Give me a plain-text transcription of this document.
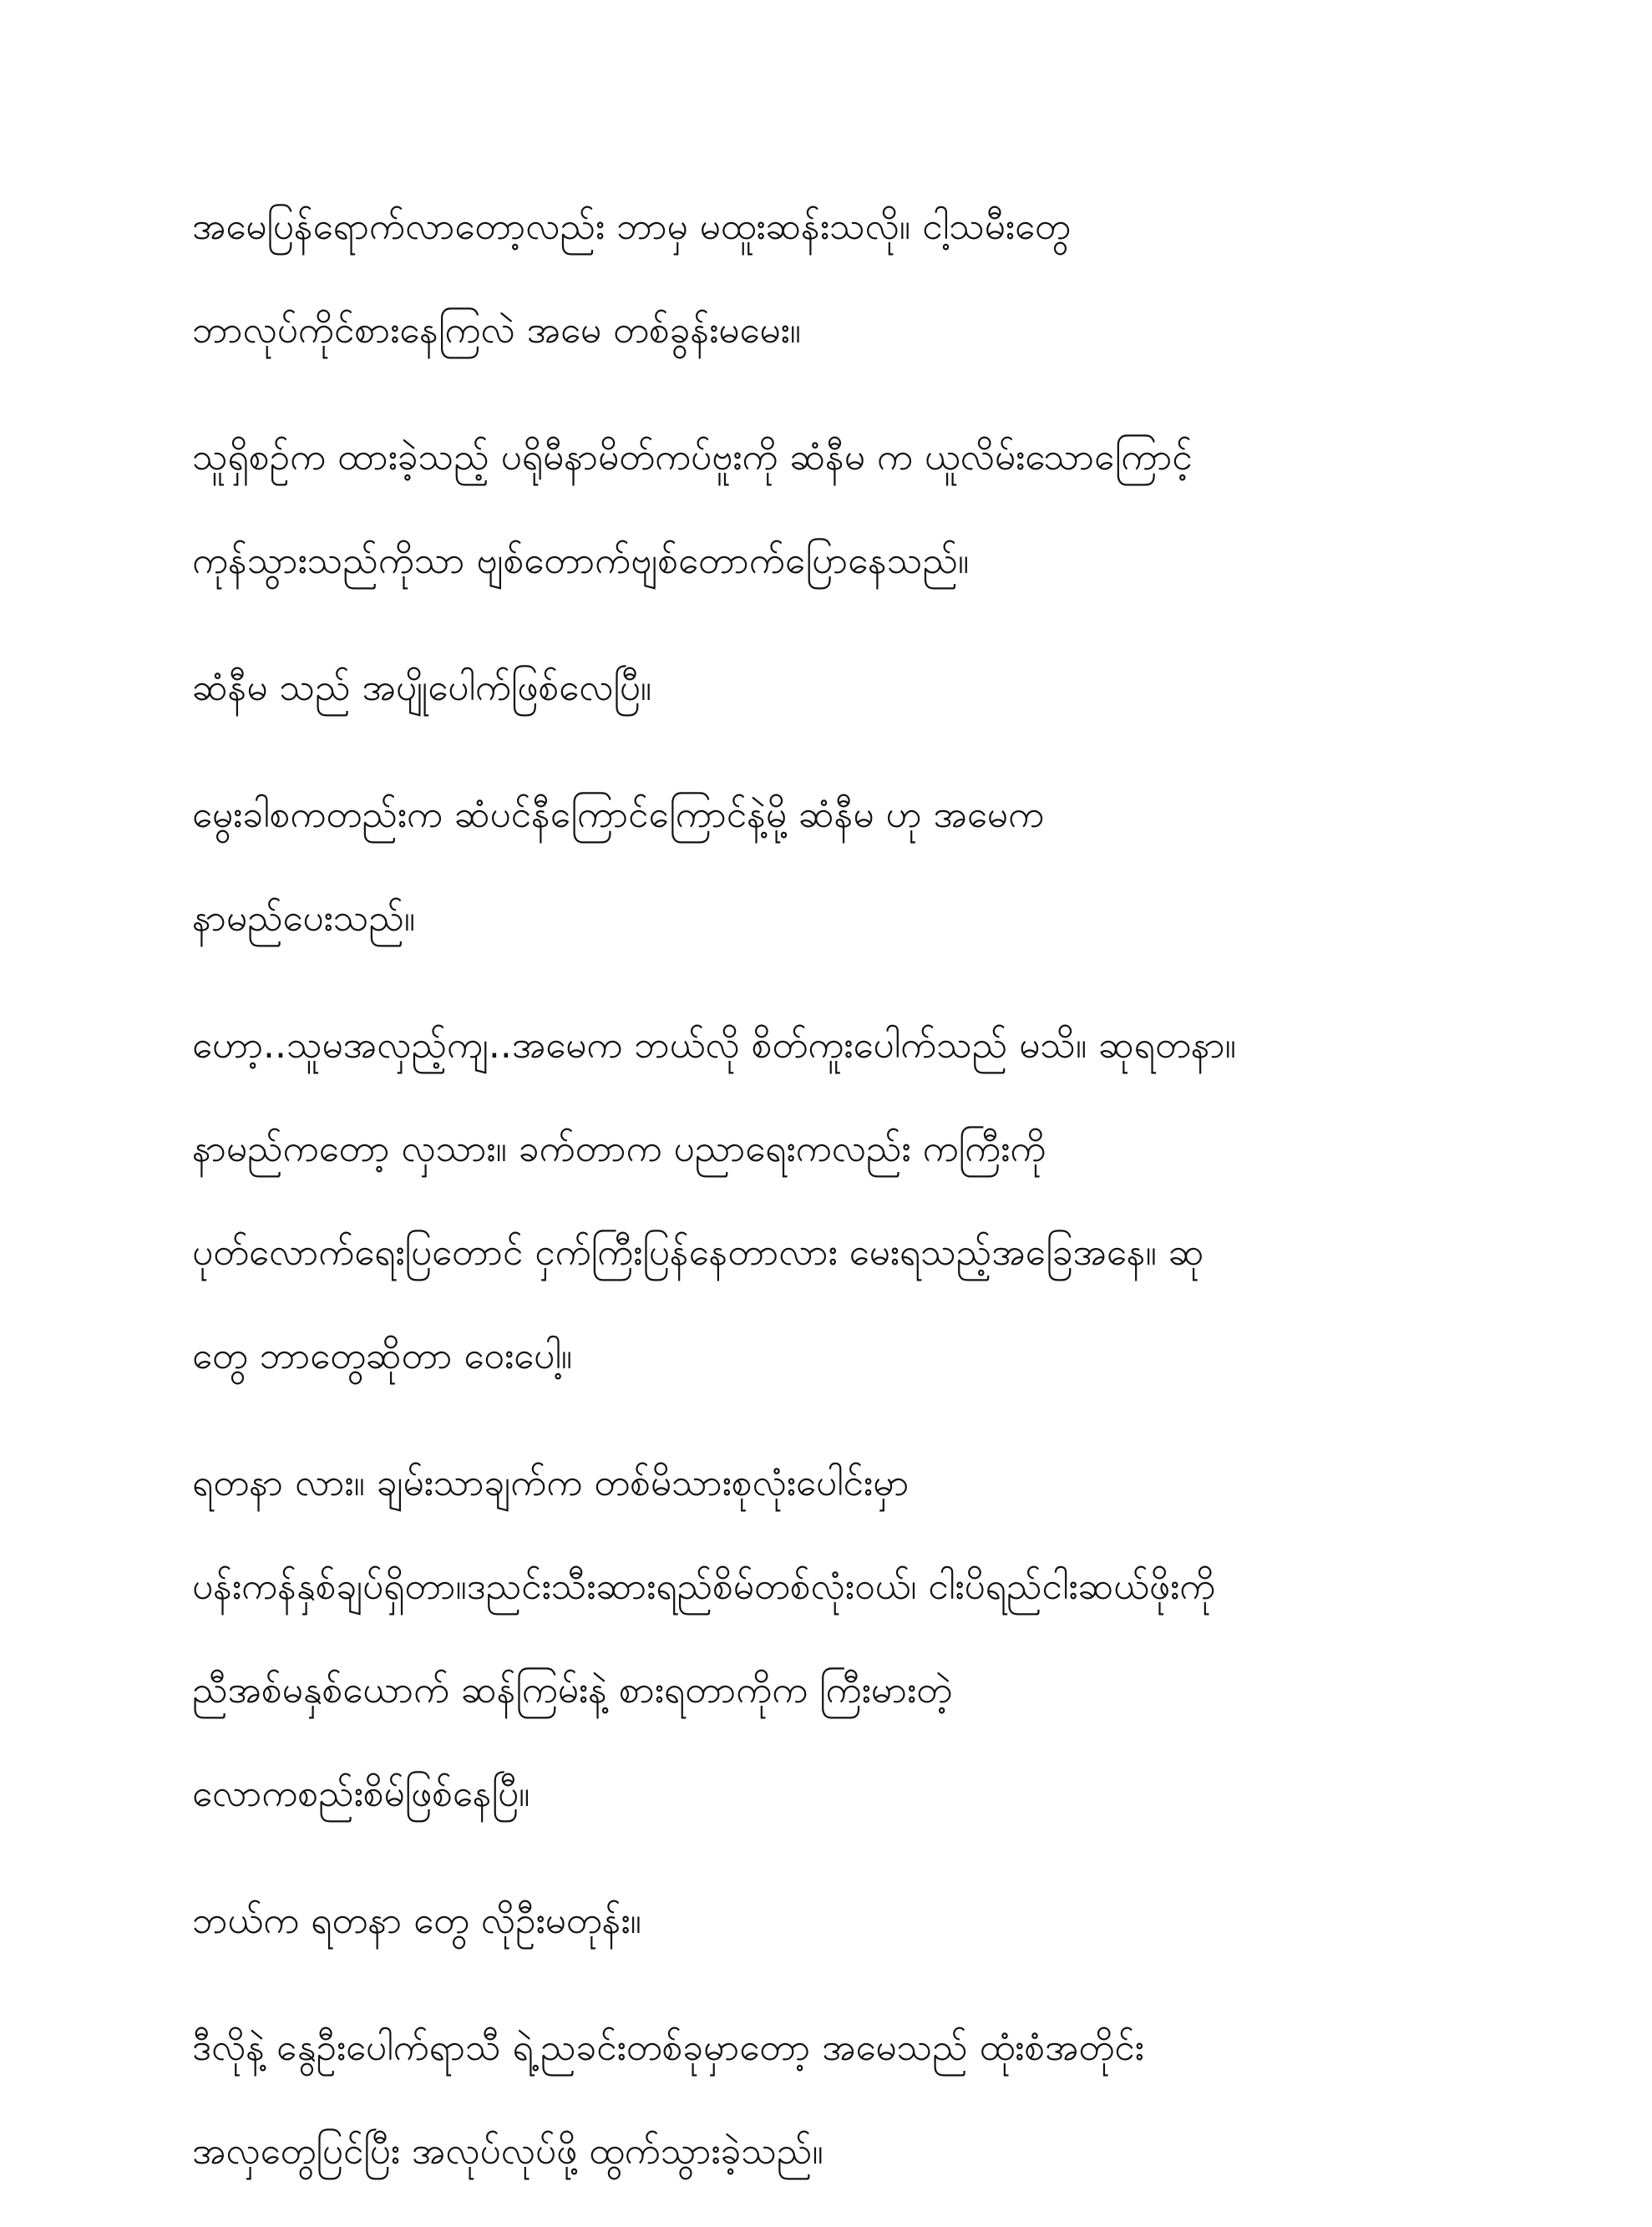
အမေပြန်ရောက်လာတော့လည်း ဘာမှ မထူးဆန်းသလို။ ငါ့သမီးတွေ
ဘာလုပ်ကိုင်စားနေကြလဲ အမေ တစ်ခွန်းမမေး။
သူရှိစဉ်က ထားခဲ့သည့် ပရိုမီနာမိတ်ကပ်ဗူးကို ဆံနီမ က ယူလိမ်းသောကြောင့်
ကုန်သွားသည်ကိုသာ ဗျစ်တောက်ဗျစ်တောက်ပြောနေသည်။
ဆံနီမ သည် အပျိုပေါက်ဖြစ်လေပြီ။
မွေးခါစကတည်းက ဆံပင်နီကြောင်ကြောင်နဲ့မို့ ဆံနီမ ဟု အမေက
နာမည်ပေးသည်။
ဟော့..သူမအလှည့်ကျ..အမေက ဘယ်လို စိတ်ကူးပေါက်သည် မသိ။ ဆုရတနာ။
နာမည်ကတော့ လှသား။ ခက်တာက ပညာရေးကလည်း ကကြီးကို
ပုတ်လောက်ရေးပြတောင် ငှက်ကြီးပြန်နေတာလား မေးရသည့်အခြေအနေ။ ဆု
တွေ ဘာတွေဆိုတာ ဝေးပေါ့။
ရတနာ လား။ ချမ်းသာချက်က တစ်မိသားစုလုံးပေါင်းမှာ
ပန်းကန်နှစ်ချပ်ရှိတာ။ဒညင်းသီးဆားရည်စိမ်တစ်လုံးဝယ်၊ ငါးပိရည်ငါးဆယ်ဖိုးကို
ညီအစ်မနှစ်ယောက် ဆန်ကြမ်းနဲ့ စားရတာကိုက ကြီးမားတဲ့
လောကစည်းစိမ်ဖြစ်နေပြီ။
ဘယ်က ရတနာ တွေ လိုဦးမတုန်း။
ဒီလိုနဲ့ နွေဦးပေါက်ရာသီ ရဲ့ညခင်းတစ်ခုမှာတော့ အမေသည် ထုံးစံအတိုင်း
အလှတွေပြင်ပြီး အလုပ်လုပ်ဖို့ ထွက်သွားခဲ့သည်။
